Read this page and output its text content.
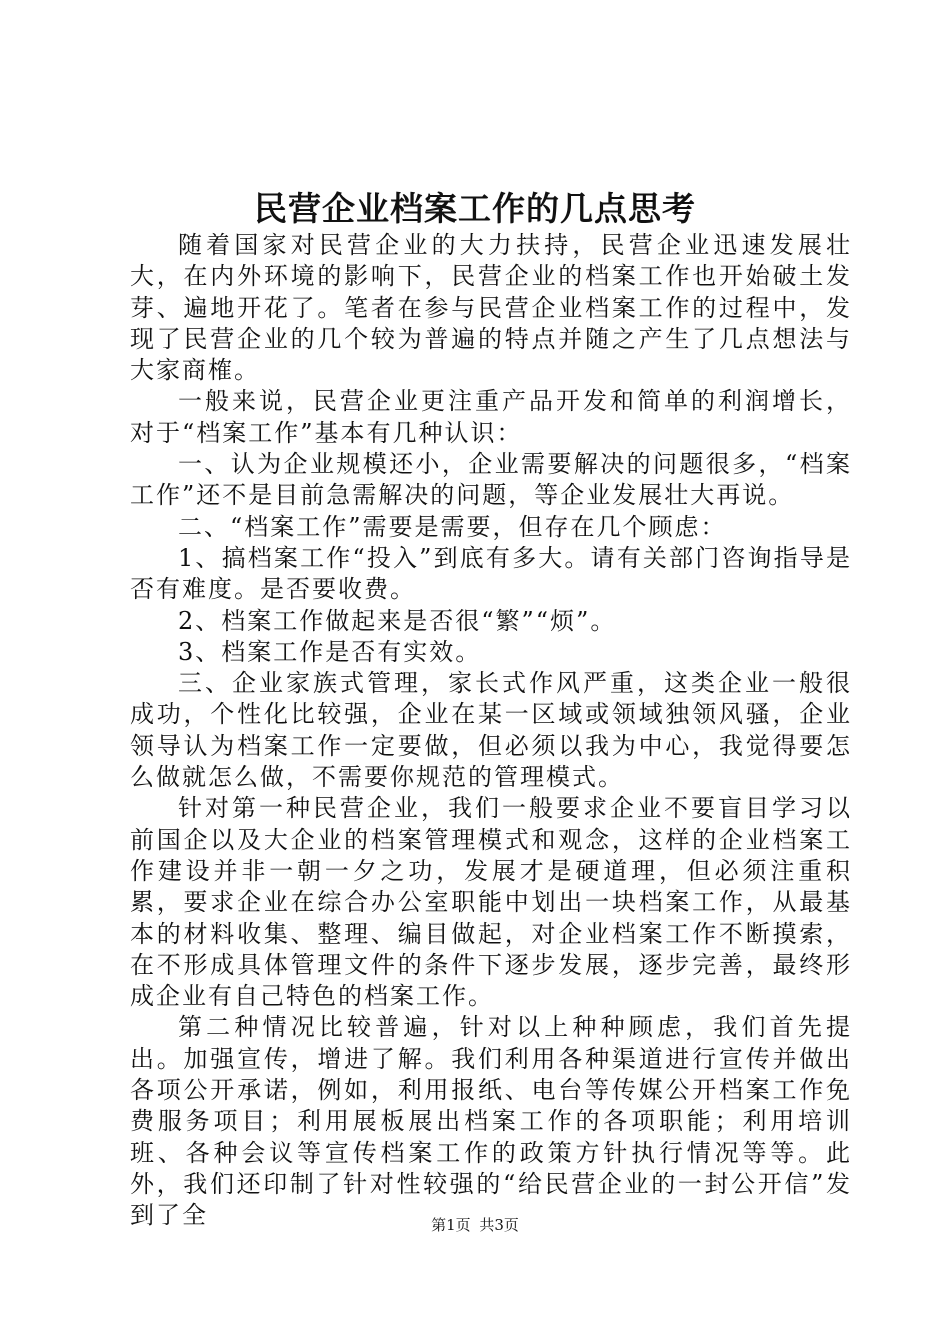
民营企业档案工作的几点思考

随着国家对民营企业的大力扶持，民营企业迅速发展壮大，在内外环境的影响下，民营企业的档案工作也开始破土发芽、遍地开花了。笔者在参与民营企业档案工作的过程中，发现了民营企业的几个较为普遍的特点并随之产生了几点想法与大家商榷。

一般来说，民营企业更注重产品开发和简单的利润增长，对于“档案工作”基本有几种认识：

一、认为企业规模还小，企业需要解决的问题很多，“档案工作”还不是目前急需解决的问题，等企业发展壮大再说。

二、“档案工作”需要是需要，但存在几个顾虑：

1、搞档案工作“投入”到底有多大。请有关部门咨询指导是否有难度。是否要收费。

2、档案工作做起来是否很“繁”“烦”。

3、档案工作是否有实效。

三、企业家族式管理，家长式作风严重，这类企业一般很成功，个性化比较强，企业在某一区域或领域独领风骚，企业领导认为档案工作一定要做，但必须以我为中心，我觉得要怎么做就怎么做，不需要你规范的管理模式。

针对第一种民营企业，我们一般要求企业不要盲目学习以前国企以及大企业的档案管理模式和观念，这样的企业档案工作建设并非一朝一夕之功，发展才是硬道理，但必须注重积累，要求企业在综合办公室职能中划出一块档案工作，从最基本的材料收集、整理、编目做起，对企业档案工作不断摸索，在不形成具体管理文件的条件下逐步发展，逐步完善，最终形成企业有自己特色的档案工作。

第二种情况比较普遍，针对以上种种顾虑，我们首先提出。加强宣传，增进了解。我们利用各种渠道进行宣传并做出各项公开承诺，例如，利用报纸、电台等传媒公开档案工作免费服务项目；利用展板展出档案工作的各项职能；利用培训班、各种会议等宣传档案工作的政策方针执行情况等等。此外，我们还印制了针对性较强的“给民营企业的一封公开信”发到了全	第1页 共3页
